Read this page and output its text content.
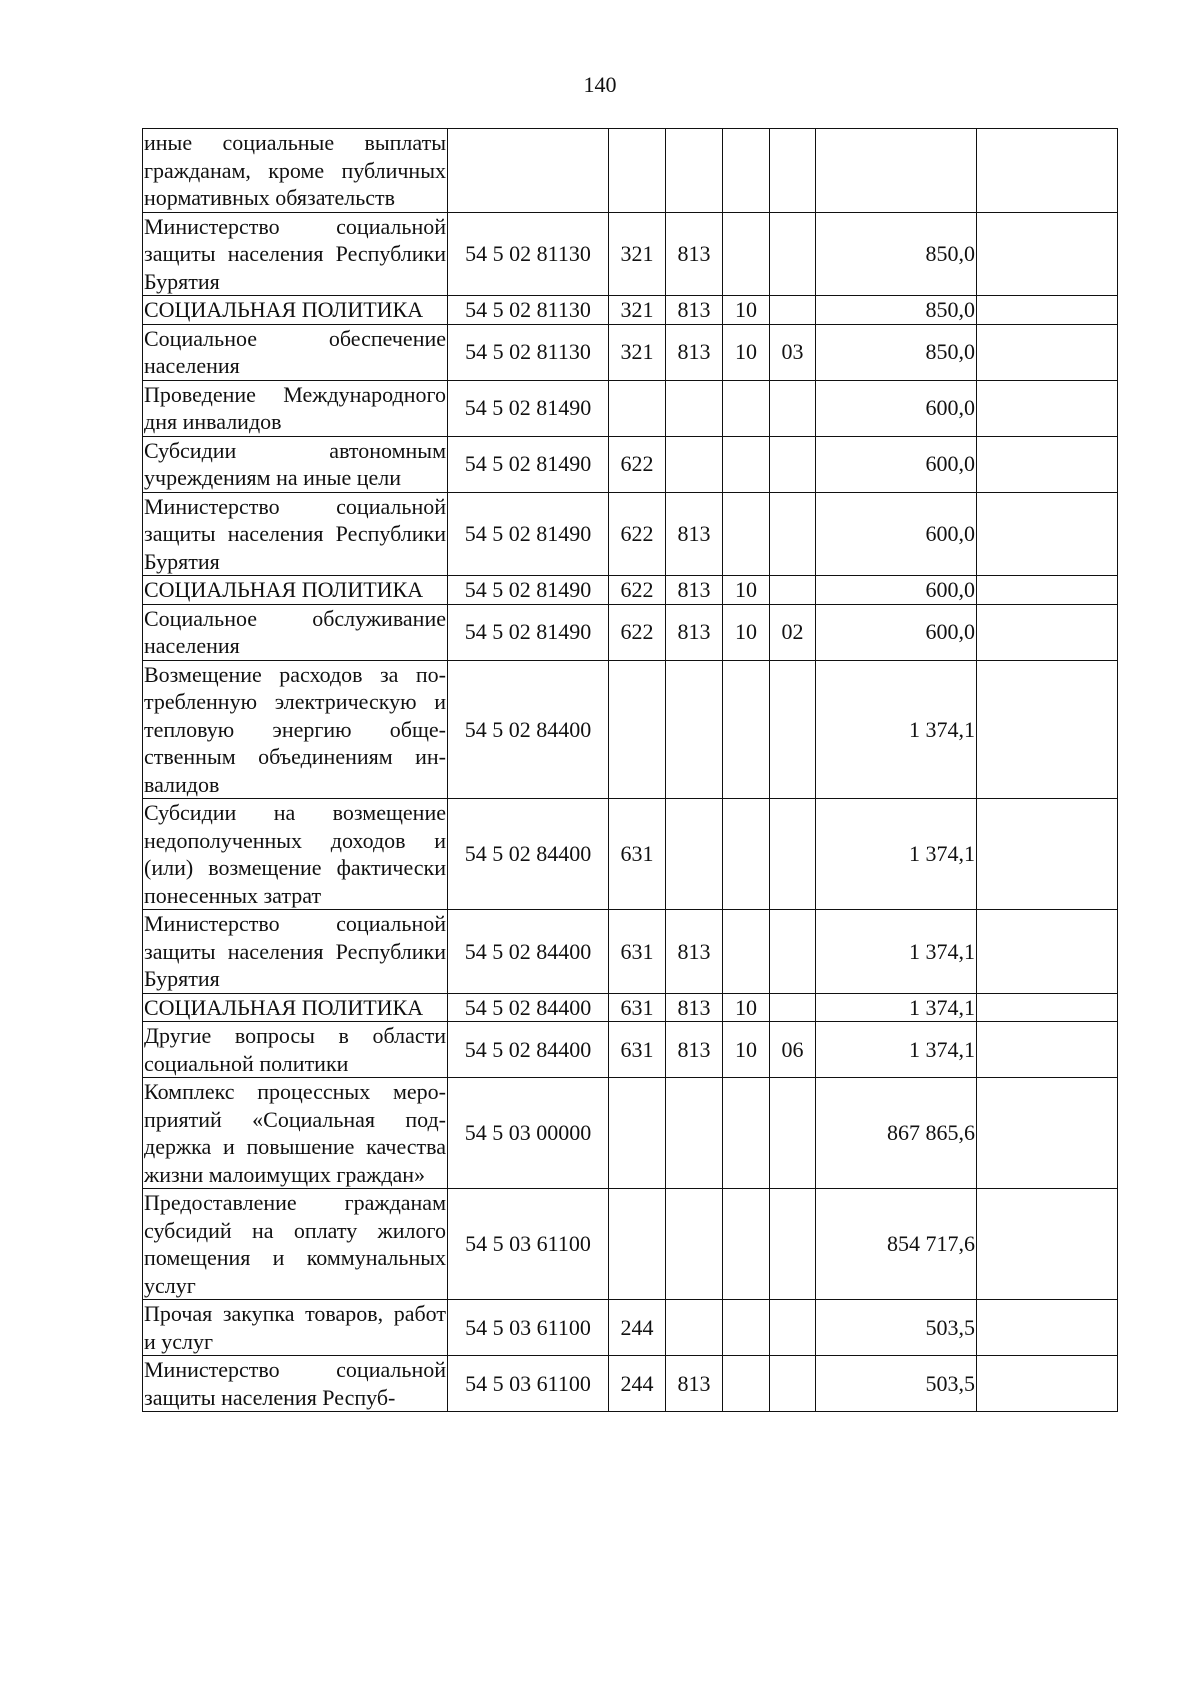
140
иные социальные выплаты гражданам, кроме публичных нормативных обязательств							
Министерство социальной защиты населения Республики Бурятия	54 5 02 81130	321	813			850,0	
СОЦИАЛЬНАЯ ПОЛИТИКА	54 5 02 81130	321	813	10		850,0	
Социальное обеспечение населения	54 5 02 81130	321	813	10	03	850,0	
Проведение Международного дня инвалидов	54 5 02 81490					600,0	
Субсидии автономным учреждениям на иные цели	54 5 02 81490	622				600,0	
Министерство социальной защиты населения Республики Бурятия	54 5 02 81490	622	813			600,0	
СОЦИАЛЬНАЯ ПОЛИТИКА	54 5 02 81490	622	813	10		600,0	
Социальное обслуживание населения	54 5 02 81490	622	813	10	02	600,0	
Возмещение расходов за потребленную электрическую и тепловую энергию общественным объединениям инвалидов	54 5 02 84400					1 374,1	
Субсидии на возмещение недополученных доходов и (или) возмещение фактически понесенных затрат	54 5 02 84400	631				1 374,1	
Министерство социальной защиты населения Республики Бурятия	54 5 02 84400	631	813			1 374,1	
СОЦИАЛЬНАЯ ПОЛИТИКА	54 5 02 84400	631	813	10		1 374,1	
Другие вопросы в области социальной политики	54 5 02 84400	631	813	10	06	1 374,1	
Комплекс процессных мероприятий «Социальная поддержка и повышение качества жизни малоимущих граждан»	54 5 03 00000					867 865,6	
Предоставление гражданам субсидий на оплату жилого помещения и коммунальных услуг	54 5 03 61100					854 717,6	
Прочая закупка товаров, работ и услуг	54 5 03 61100	244				503,5	
Министерство социальной защиты населения Респуб-	54 5 03 61100	244	813			503,5	
